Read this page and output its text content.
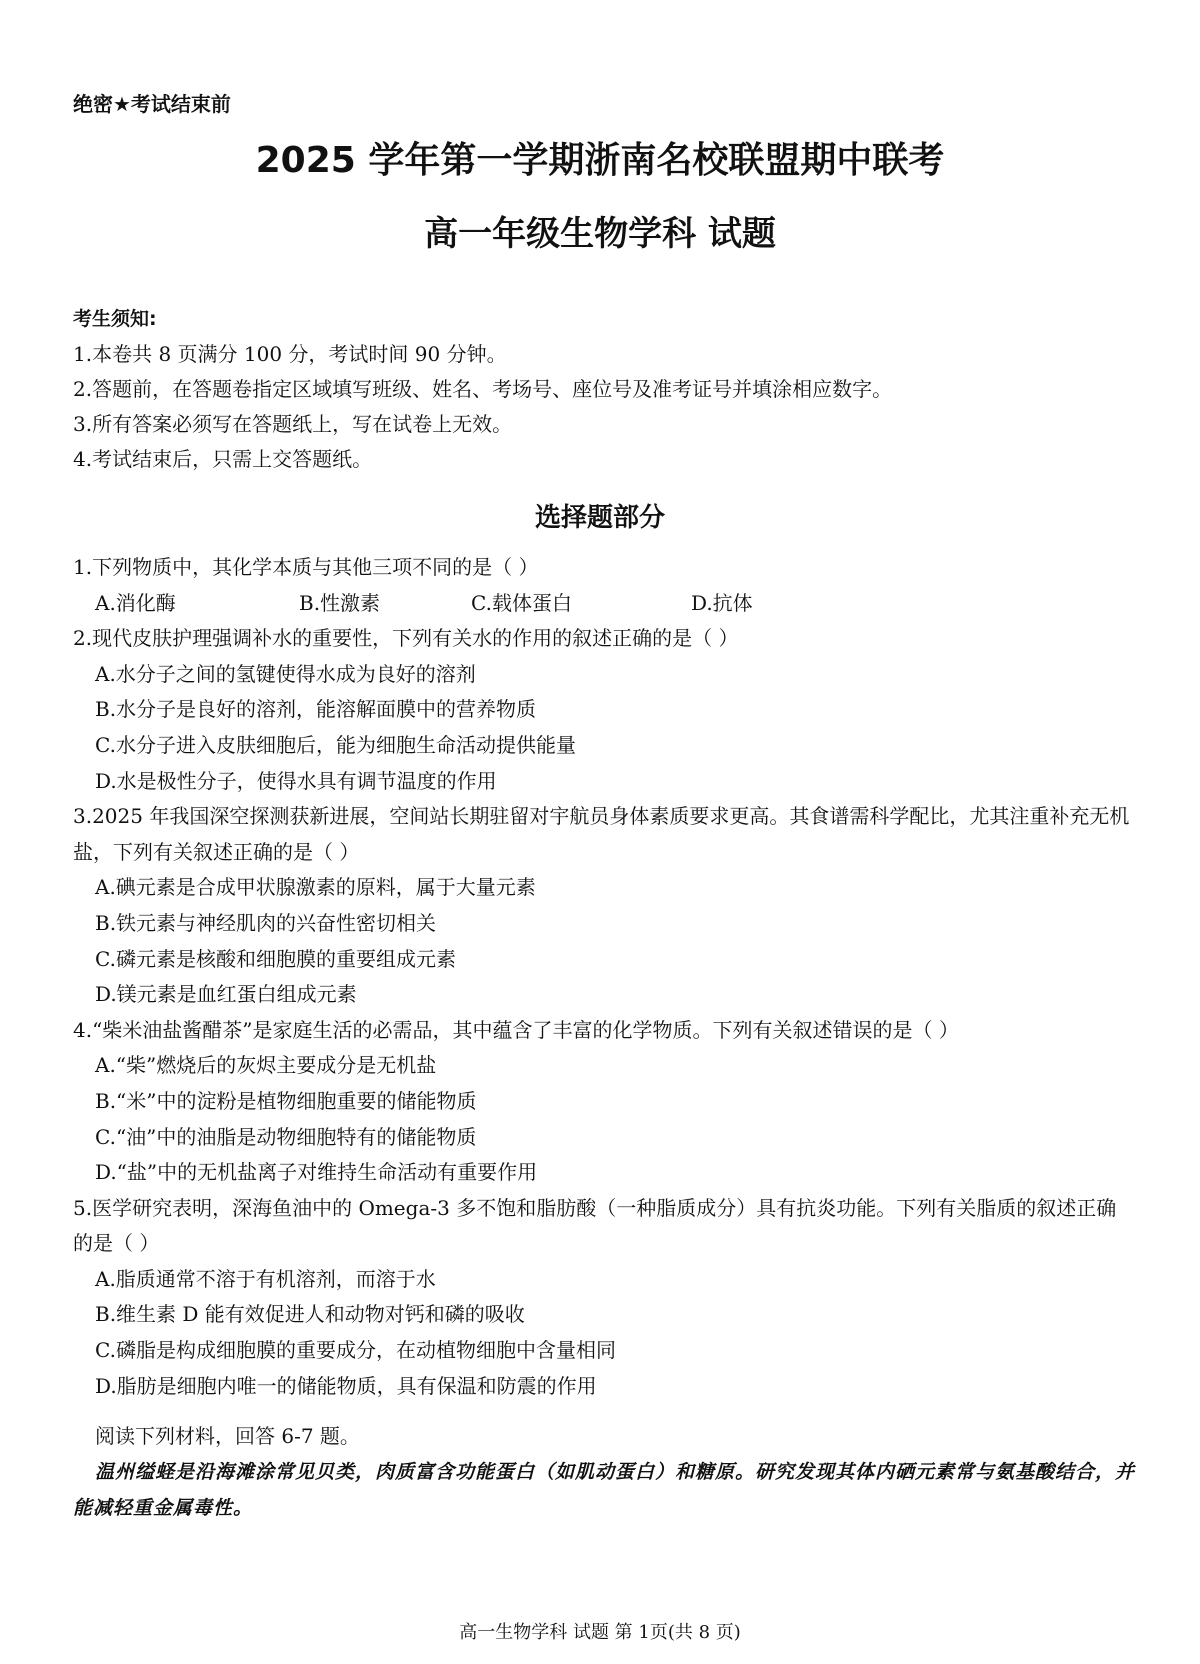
绝密★考试结束前
2025 学年第一学期浙南名校联盟期中联考
高一年级生物学科 试题
考生须知:
1.本卷共 8 页满分 100 分，考试时间 90 分钟。
2.答题前，在答题卷指定区域填写班级、姓名、考场号、座位号及准考证号并填涂相应数字。
3.所有答案必须写在答题纸上，写在试卷上无效。
4.考试结束后，只需上交答题纸。
选择题部分
1.下列物质中，其化学本质与其他三项不同的是（ ）
A.消化酶	B.性激素	C.载体蛋白	D.抗体
2.现代皮肤护理强调补水的重要性，下列有关水的作用的叙述正确的是（ ）
A.水分子之间的氢键使得水成为良好的溶剂
B.水分子是良好的溶剂，能溶解面膜中的营养物质
C.水分子进入皮肤细胞后，能为细胞生命活动提供能量
D.水是极性分子，使得水具有调节温度的作用
3.2025 年我国深空探测获新进展，空间站长期驻留对宇航员身体素质要求更高。其食谱需科学配比，尤其注重补充无机盐，下列有关叙述正确的是（ ）
A.碘元素是合成甲状腺激素的原料，属于大量元素
B.铁元素与神经肌肉的兴奋性密切相关
C.磷元素是核酸和细胞膜的重要组成元素
D.镁元素是血红蛋白组成元素
4.“柴米油盐酱醋茶”是家庭生活的必需品，其中蕴含了丰富的化学物质。下列有关叙述错误的是（ ）
A.“柴”燃烧后的灰烬主要成分是无机盐
B.“米”中的淀粉是植物细胞重要的储能物质
C.“油”中的油脂是动物细胞特有的储能物质
D.“盐”中的无机盐离子对维持生命活动有重要作用
5.医学研究表明，深海鱼油中的 Omega-3 多不饱和脂肪酸（一种脂质成分）具有抗炎功能。下列有关脂质的叙述正确的是（ ）
A.脂质通常不溶于有机溶剂，而溶于水
B.维生素 D 能有效促进人和动物对钙和磷的吸收
C.磷脂是构成细胞膜的重要成分，在动植物细胞中含量相同
D.脂肪是细胞内唯一的储能物质，具有保温和防震的作用
阅读下列材料，回答 6-7 题。
温州缢蛏是沿海滩涂常见贝类，肉质富含功能蛋白（如肌动蛋白）和糖原。研究发现其体内硒元素常与氨基酸结合，并能减轻重金属毒性。
高一生物学科 试题 第 1页(共 8 页)
